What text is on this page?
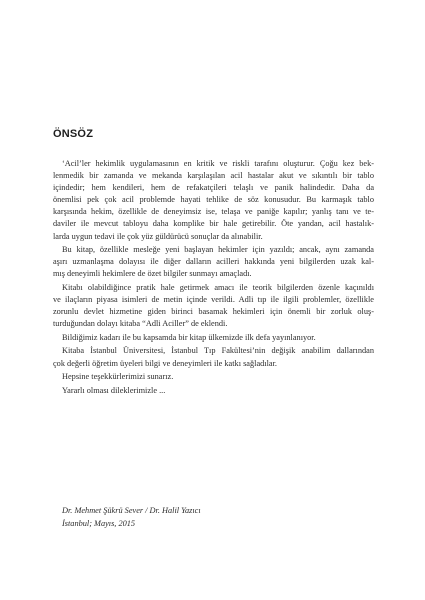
ÖNSÖZ
‘Acil’ler hekimlik uygulamasının en kritik ve riskli tarafını oluşturur. Çoğu kez bek-
lenmedik bir zamanda ve mekanda karşılaşılan acil hastalar akut ve sıkıntılı bir tablo
içindedir; hem kendileri, hem de refakatçileri telaşlı ve panik halindedir. Daha da
önemlisi pek çok acil problemde hayati tehlike de söz konusudur. Bu karmaşık tablo
karşısında hekim, özellikle de deneyimsiz ise, telaşa ve paniğe kapılır; yanlış tanı ve te-
daviler ile mevcut tabloyu daha komplike bir hale getirebilir. Öte yandan, acil hastalık-
larda uygun tedavi ile çok yüz güldürücü sonuçlar da alınabilir.
Bu kitap, özellikle mesleğe yeni başlayan hekimler için yazıldı; ancak, aynı zamanda
aşırı uzmanlaşma dolayısı ile diğer dalların acilleri hakkında yeni bilgilerden uzak kal-
mış deneyimli hekimlere de özet bilgiler sunmayı amaçladı.
Kitabı olabildiğince pratik hale getirmek amacı ile teorik bilgilerden özenle kaçınıldı
ve ilaçların piyasa isimleri de metin içinde verildi. Adli tıp ile ilgili problemler, özellikle
zorunlu devlet hizmetine giden birinci basamak hekimleri için önemli bir zorluk oluş-
turduğundan dolayı kitaba “Adli Aciller” de eklendi.
Bildiğimiz kadarı ile bu kapsamda bir kitap ülkemizde ilk defa yayınlanıyor.
Kitaba İstanbul Üniversitesi, İstanbul Tıp Fakültesi’nin değişik anabilim dallarından
çok değerli öğretim üyeleri bilgi ve deneyimleri ile katkı sağladılar.
Hepsine teşekkürlerimizi sunarız.
Yararlı olması dileklerimizle ...
Dr. Mehmet Şükrü Sever / Dr. Halil Yazıcı
İstanbul; Mayıs, 2015
